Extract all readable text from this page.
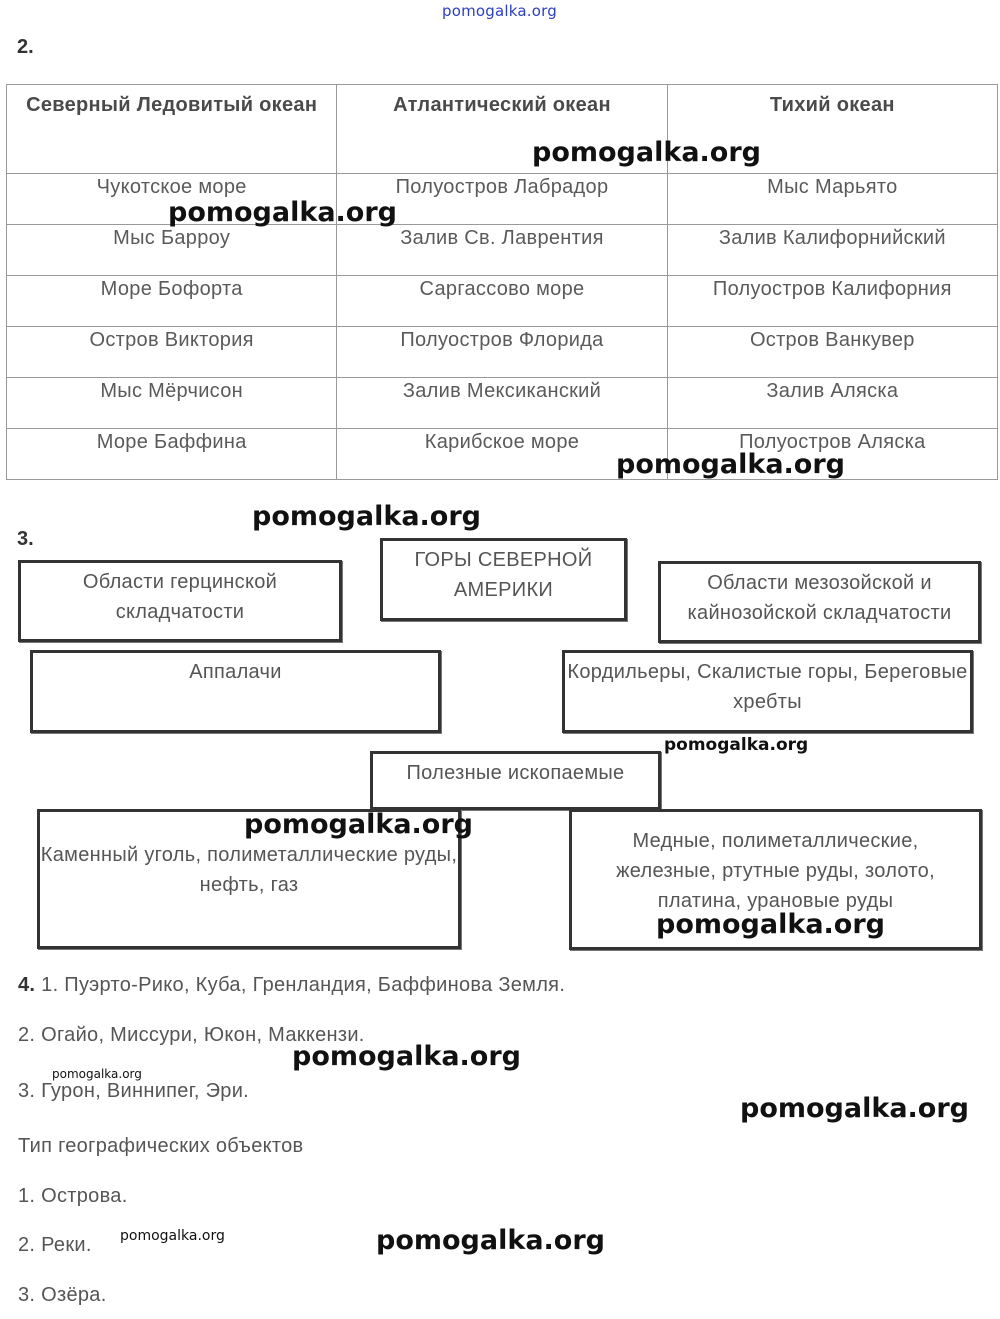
pomogalka.org
2.
Северный Ледовитый океан	Атлантический океан	Тихий океан
Чукотское море	Полуостров Лабрадор	Мыс Марьято
Мыс Барроу	Залив Св. Лаврентия	Залив Калифорнийский
Море Бофорта	Саргассово море	Полуостров Калифорния
Остров Виктория	Полуостров Флорида	Остров Ванкувер
Мыс Мёрчисон	Залив Мексиканский	Залив Аляска
Море Баффина	Карибское море	Полуостров Аляска
pomogalka.org
pomogalka.org
pomogalka.org
3.
ГОРЫ СЕВЕРНОЙ АМЕРИКИ
Области герцинской складчатости
Области мезозойской и кайнозойской складчатости
Аппалачи	Кордильеры, Скалистые горы, Береговые хребты
Полезные ископаемые
Каменный уголь, полиметаллические руды, нефть, газ
Медные, полиметаллические, железные, ртутные руды, золото, платина, урановые руды
pomogalka.org
pomogalka.org
pomogalka.org
pomogalka.org
4. 1. Пуэрто-Рико, Куба, Гренландия, Баффинова Земля.
2. Огайо, Миссури, Юкон, Маккензи.
3. Гурон, Виннипег, Эри.
Тип географических объектов
1. Острова.
2. Реки.
3. Озёра.
pomogalka.org
pomogalka.org
pomogalka.org
pomogalka.org	pomogalka.org
